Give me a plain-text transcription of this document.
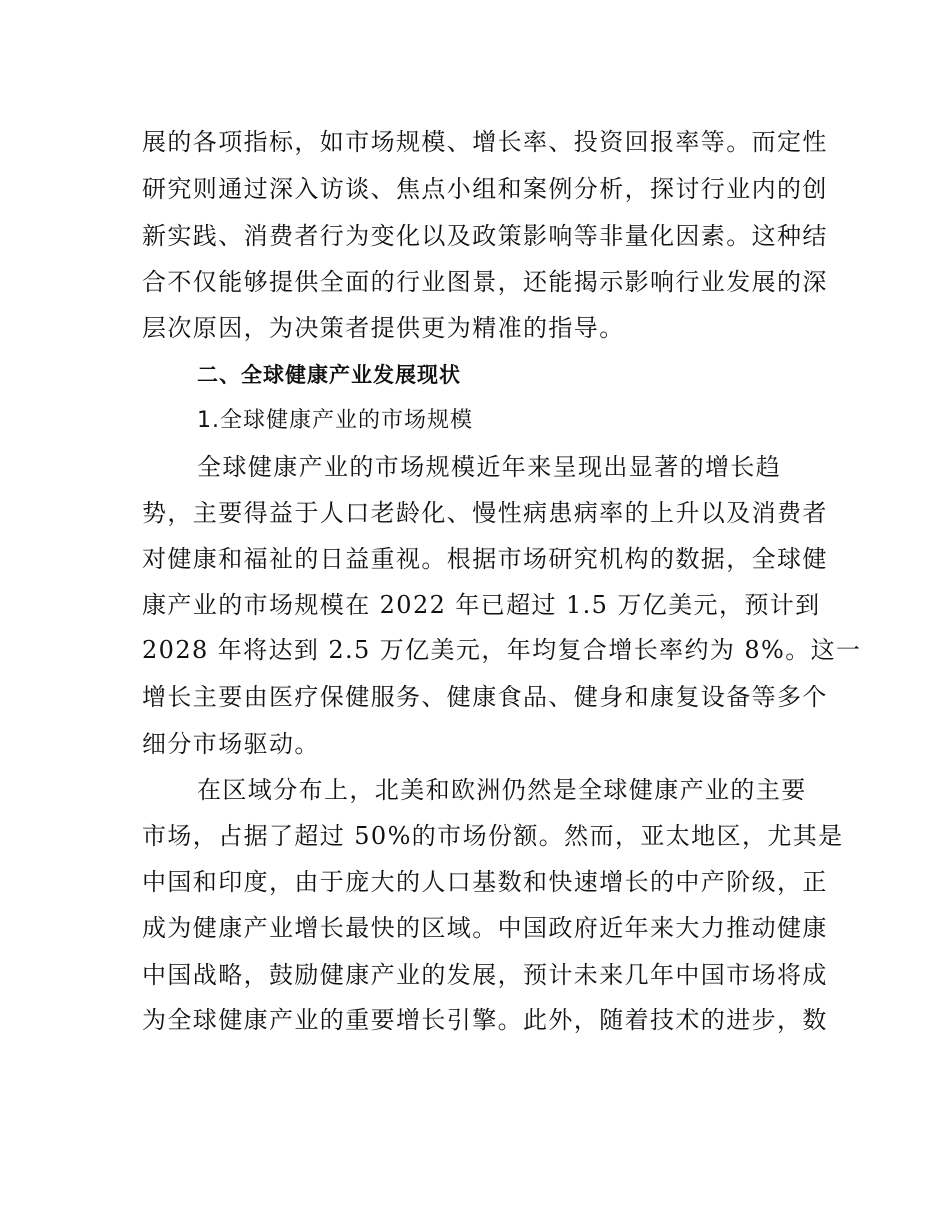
展的各项指标，如市场规模、增长率、投资回报率等。而定性
研究则通过深入访谈、焦点小组和案例分析，探讨行业内的创
新实践、消费者行为变化以及政策影响等非量化因素。这种结
合不仅能够提供全面的行业图景，还能揭示影响行业发展的深
层次原因，为决策者提供更为精准的指导。
二、全球健康产业发展现状
1.全球健康产业的市场规模
全球健康产业的市场规模近年来呈现出显著的增长趋
势，主要得益于人口老龄化、慢性病患病率的上升以及消费者
对健康和福祉的日益重视。根据市场研究机构的数据，全球健
康产业的市场规模在 2022 年已超过 1.5 万亿美元，预计到
2028 年将达到 2.5 万亿美元，年均复合增长率约为 8%。这一
增长主要由医疗保健服务、健康食品、健身和康复设备等多个
细分市场驱动。
在区域分布上，北美和欧洲仍然是全球健康产业的主要
市场，占据了超过 50%的市场份额。然而，亚太地区，尤其是
中国和印度，由于庞大的人口基数和快速增长的中产阶级，正
成为健康产业增长最快的区域。中国政府近年来大力推动健康
中国战略，鼓励健康产业的发展，预计未来几年中国市场将成
为全球健康产业的重要增长引擎。此外，随着技术的进步，数
